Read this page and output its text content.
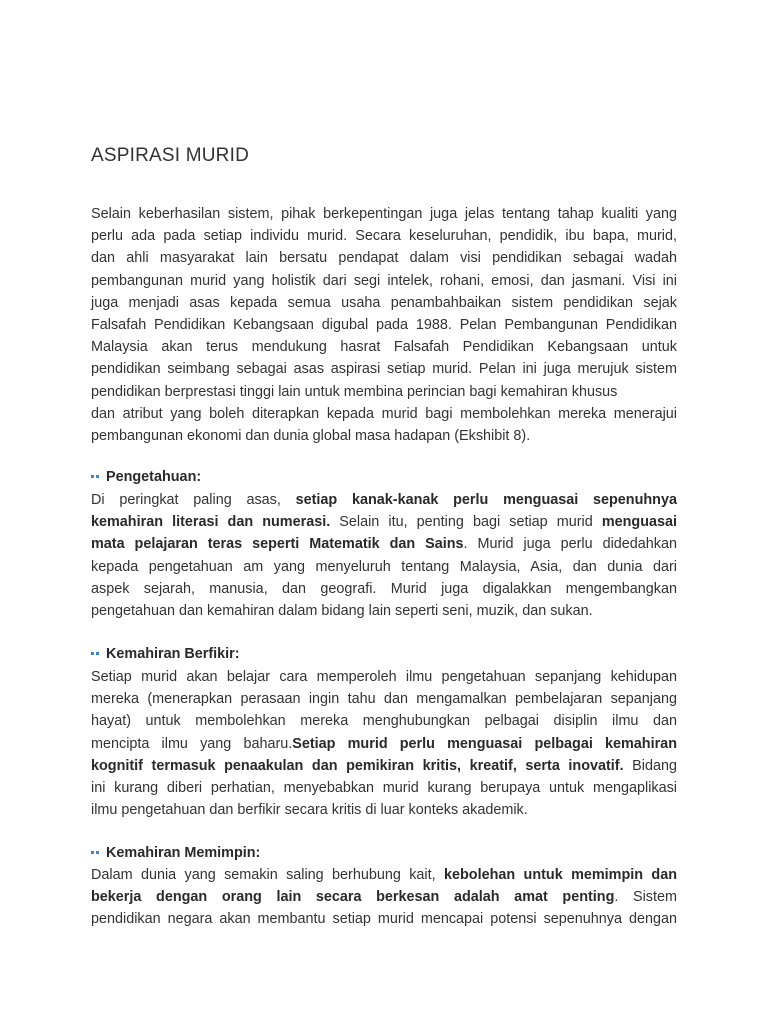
ASPIRASI MURID
Selain keberhasilan sistem, pihak berkepentingan juga jelas tentang tahap kualiti yang
perlu ada pada setiap individu murid. Secara keseluruhan, pendidik, ibu bapa, murid,
dan ahli masyarakat lain bersatu pendapat dalam visi pendidikan sebagai wadah
pembangunan murid yang holistik dari segi intelek, rohani, emosi, dan jasmani. Visi ini
juga menjadi asas kepada semua usaha penambahbaikan sistem pendidikan sejak
Falsafah Pendidikan Kebangsaan digubal pada 1988. Pelan Pembangunan Pendidikan
Malaysia akan terus mendukung hasrat Falsafah Pendidikan Kebangsaan untuk
pendidikan seimbang sebagai asas aspirasi setiap murid. Pelan ini juga merujuk sistem
pendidikan berprestasi tinggi lain untuk membina perincian bagi kemahiran khusus
dan atribut yang boleh diterapkan kepada murid bagi membolehkan mereka menerajui
pembangunan ekonomi dan dunia global masa hadapan (Ekshibit 8).
Pengetahuan:
Di peringkat paling asas, setiap kanak-kanak perlu menguasai sepenuhnya
kemahiran literasi dan numerasi. Selain itu, penting bagi setiap murid menguasai
mata pelajaran teras seperti Matematik dan Sains. Murid juga perlu didedahkan
kepada pengetahuan am yang menyeluruh tentang Malaysia, Asia, dan dunia dari
aspek sejarah, manusia, dan geografi. Murid juga digalakkan mengembangkan
pengetahuan dan kemahiran dalam bidang lain seperti seni, muzik, dan sukan.
Kemahiran Berfikir:
Setiap murid akan belajar cara memperoleh ilmu pengetahuan sepanjang kehidupan
mereka (menerapkan perasaan ingin tahu dan mengamalkan pembelajaran sepanjang
hayat) untuk membolehkan mereka menghubungkan pelbagai disiplin ilmu dan
mencipta ilmu yang baharu.Setiap murid perlu menguasai pelbagai kemahiran
kognitif termasuk penaakulan dan pemikiran kritis, kreatif, serta inovatif. Bidang
ini kurang diberi perhatian, menyebabkan murid kurang berupaya untuk mengaplikasi
ilmu pengetahuan dan berfikir secara kritis di luar konteks akademik.
Kemahiran Memimpin:
Dalam dunia yang semakin saling berhubung kait, kebolehan untuk memimpin dan
bekerja dengan orang lain secara berkesan adalah amat penting. Sistem
pendidikan negara akan membantu setiap murid mencapai potensi sepenuhnya dengan
